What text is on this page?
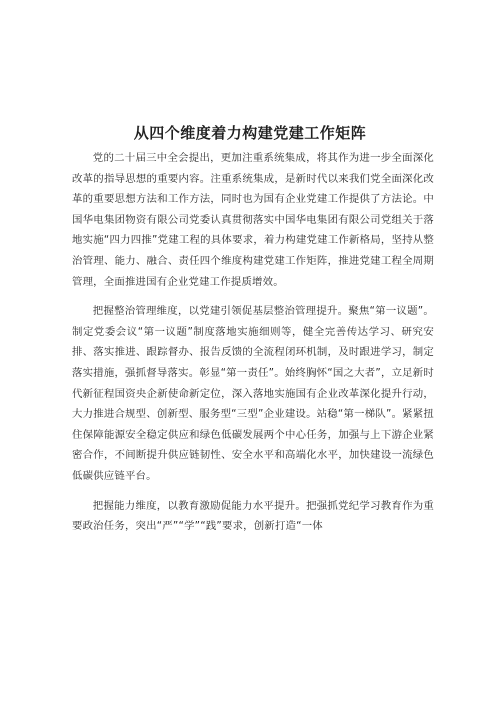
从四个维度着力构建党建工作矩阵

党的二十届三中全会提出，更加注重系统集成，将其作为进一步全面深化改革的指导思想的重要内容。注重系统集成，是新时代以来我们党全面深化改革的重要思想方法和工作方法，同时也为国有企业党建工作提供了方法论。中国华电集团物资有限公司党委认真贯彻落实中国华电集团有限公司党组关于落地实施“四力四推”党建工程的具体要求，着力构建党建工作新格局，坚持从整治管理、能力、融合、责任四个维度构建党建工作矩阵，推进党建工程全周期管理，全面推进国有企业党建工作提质增效。

把握整治管理维度，以党建引领促基层整治管理提升。聚焦“第一议题”。制定党委会议“第一议题”制度落地实施细则等，健全完善传达学习、研究安排、落实推进、跟踪督办、报告反馈的全流程闭环机制，及时跟进学习，制定落实措施，强抓督导落实。彰显“第一责任”。始终胸怀“国之大者”，立足新时代新征程国资央企新使命新定位，深入落地实施国有企业改革深化提升行动，大力推进合规型、创新型、服务型“三型”企业建设。站稳“第一梯队”。紧紧扭住保障能源安全稳定供应和绿色低碳发展两个中心任务，加强与上下游企业紧密合作，不间断提升供应链韧性、安全水平和高端化水平，加快建设一流绿色低碳供应链平台。

把握能力维度，以教育激励促能力水平提升。把强抓党纪学习教育作为重要政治任务，突出“严”“学”“践”要求，创新打造“一体
